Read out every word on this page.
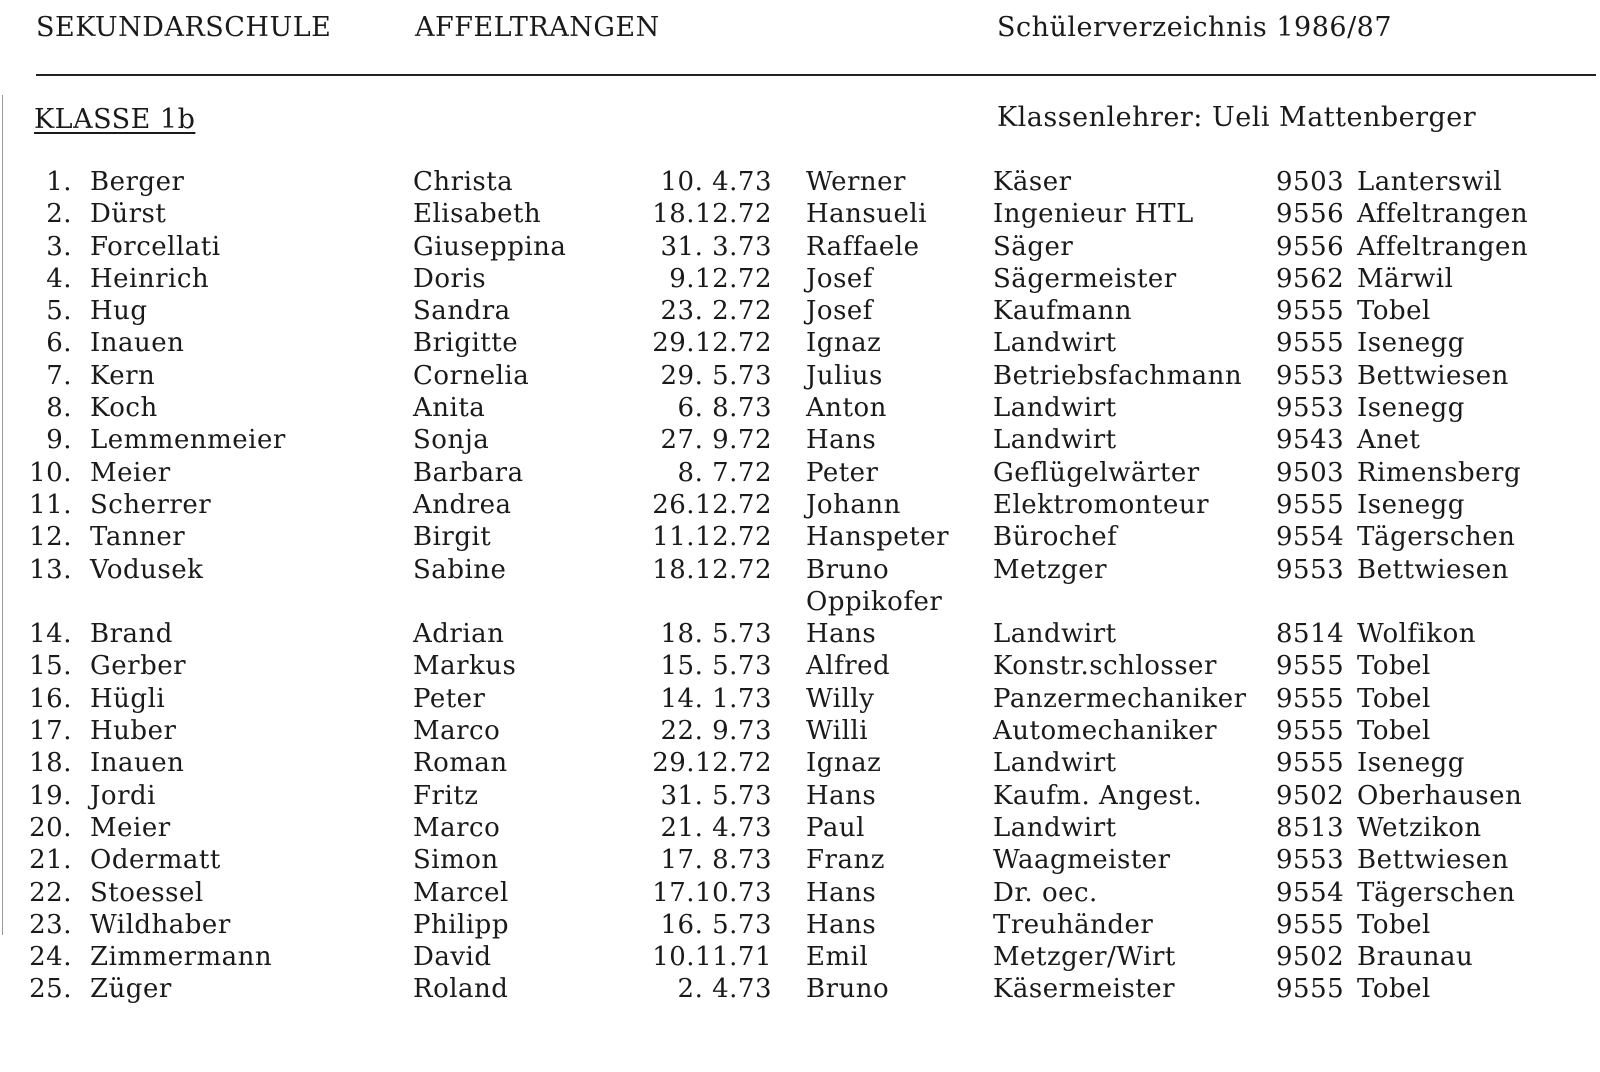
SEKUNDARSCHULE	AFFELTRANGEN	Schülerverzeichnis 1986/87
KLASSE 1b	Klassenlehrer: Ueli Mattenberger
1. Berger	Christa	10. 4.73 Werner	Käser	9503 Lanterswil
2. Dürst	Elisabeth	18.12.72 Hansueli	Ingenieur HTL	9556 Affeltrangen
3. Forcellati	Giuseppina	31. 3.73 Raffaele	Säger	9556 Affeltrangen
4. Heinrich	Doris	9.12.72 Josef	Sägermeister	9562 Märwil
5. Hug	Sandra	23. 2.72 Josef	Kaufmann	9555 Tobel
6. Inauen	Brigitte	29.12.72 Ignaz	Landwirt	9555 Isenegg
7. Kern	Cornelia	29. 5.73 Julius	Betriebsfachmann 9553 Bettwiesen
8. Koch	Anita	6. 8.73 Anton	Landwirt	9553 Isenegg
9. Lemmenmeier	Sonja	27. 9.72 Hans	Landwirt	9543 Anet
10. Meier	Barbara	8. 7.72 Peter	Geflügelwärter	9503 Rimensberg
11. Scherrer	Andrea	26.12.72 Johann	Elektromonteur	9555 Isenegg
12. Tanner	Birgit	11.12.72 Hanspeter Bürochef	9554 Tägerschen
13. Vodusek	Sabine	18.12.72 Bruno	Metzger	9553 Bettwiesen
Oppikofer
14. Brand	Adrian	18. 5.73 Hans	Landwirt	8514 Wolfikon
15. Gerber	Markus	15. 5.73 Alfred	Konstr.schlosser 9555 Tobel
16. Hügli	Peter	14. 1.73 Willy	Panzermechaniker 9555 Tobel
17. Huber	Marco	22. 9.73 Willi	Automechaniker 9555 Tobel
18. Inauen	Roman	29.12.72 Ignaz	Landwirt	9555 Isenegg
19. Jordi	Fritz	31. 5.73 Hans	Kaufm. Angest.	9502 Oberhausen
20. Meier	Marco	21. 4.73 Paul	Landwirt	8513 Wetzikon
21. Odermatt	Simon	17. 8.73 Franz	Waagmeister	9553 Bettwiesen
22. Stoessel	Marcel	17.10.73 Hans	Dr. oec.	9554 Tägerschen
23. Wildhaber	Philipp	16. 5.73 Hans	Treuhänder	9555 Tobel
24. Zimmermann	David	10.11.71 Emil	Metzger/Wirt	9502 Braunau
25. Züger	Roland	2. 4.73 Bruno	Käsermeister	9555 Tobel
